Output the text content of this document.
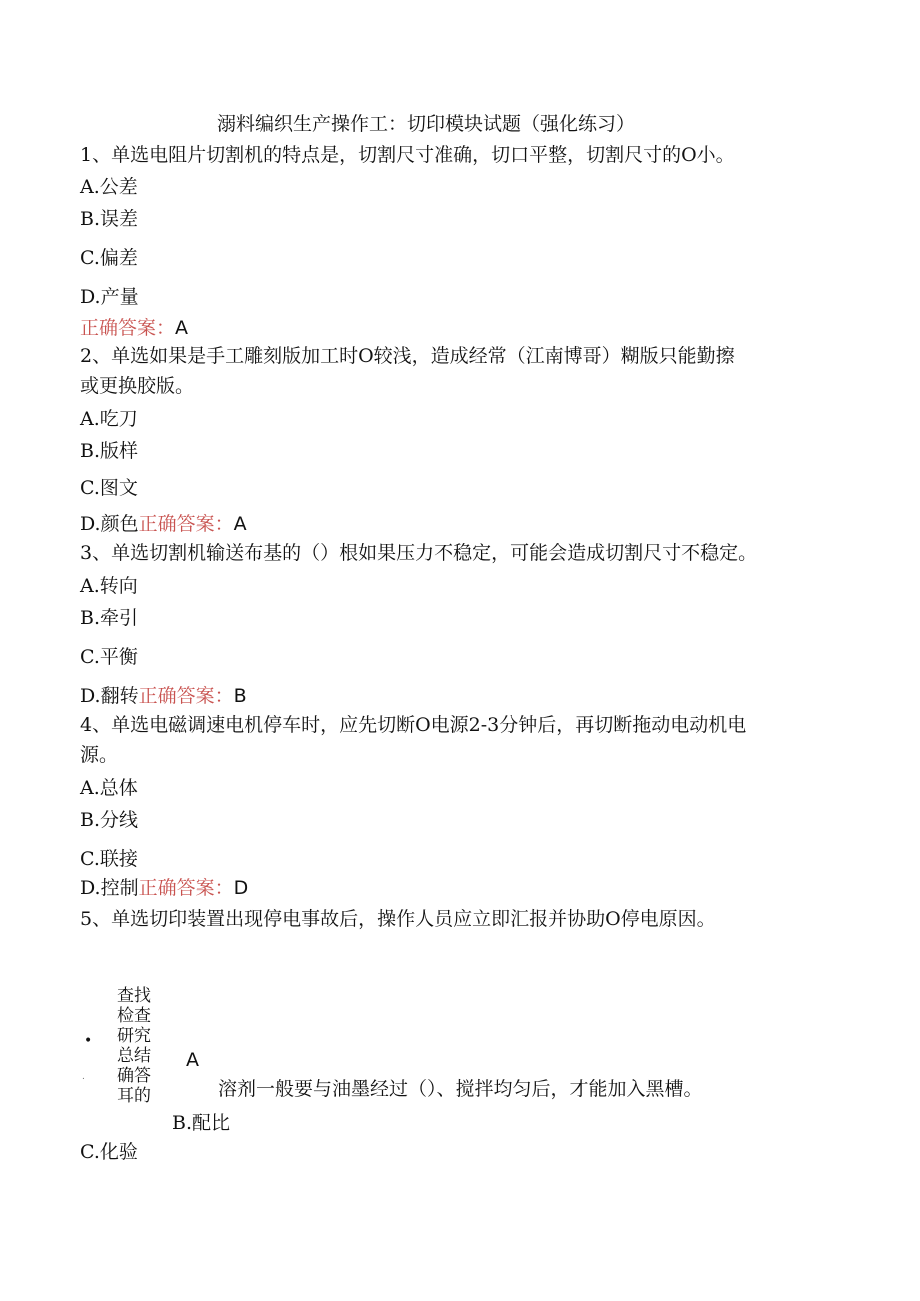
溺料编织生产操作工：切印模块试题（强化练习）
1、单选电阻片切割机的特点是，切割尺寸准确，切口平整，切割尺寸的O小。
A.公差
B.误差
C.偏差
D.产量
正确答案：A
2、单选如果是手工雕刻版加工时O较浅，造成经常（江南博哥）糊版只能勤擦
或更换胶版。
A.吃刀
B.版样
C.图文
D.颜色正确答案：A
3、单选切割机输送布基的（）根如果压力不稳定，可能会造成切割尺寸不稳定。
A.转向
B.牵引
C.平衡
D.翻转正确答案：B
4、单选电磁调速电机停车时，应先切断O电源2-3分钟后，再切断拖动电动机电
源。
A.总体
B.分线
C.联接
D.控制正确答案：D
5、单选切印装置出现停电事故后，操作人员应立即汇报并协助O停电原因。
•
.
查找检查研究总结确答耳的
A
溶剂一般要与油墨经过（）、搅拌均匀后，才能加入黑槽。
B.配比
C.化验
